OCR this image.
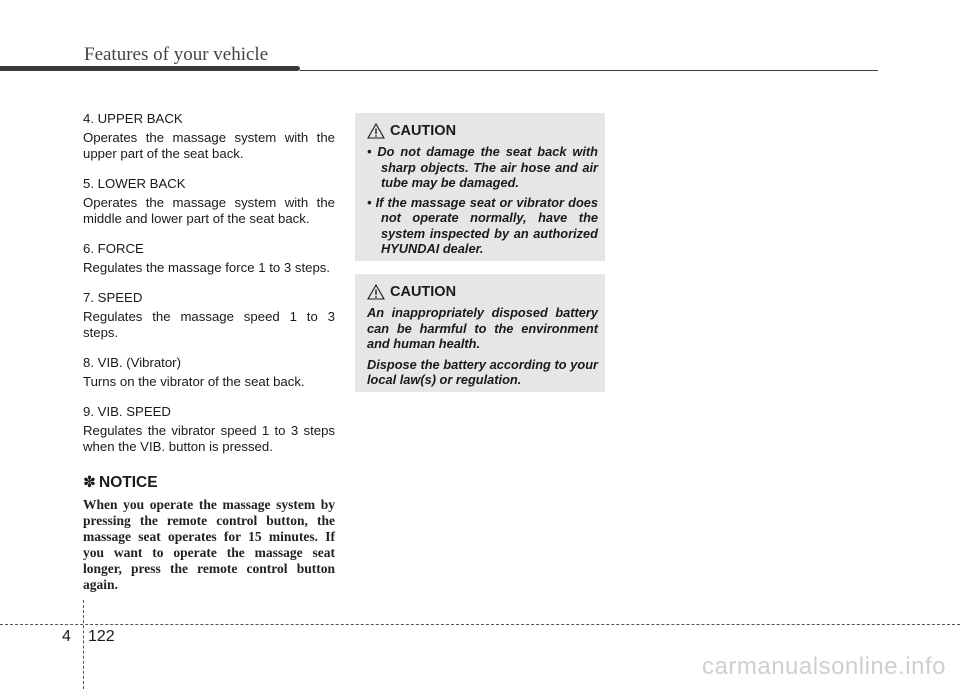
Features of your vehicle
4. UPPER BACK
Operates the massage system with the upper part of the seat back.
5. LOWER BACK
Operates the massage system with the middle and lower part of the seat back.
6. FORCE
Regulates the massage force 1 to 3 steps.
7. SPEED
Regulates the massage speed 1 to 3 steps.
8. VIB. (Vibrator)
Turns on the vibrator of the seat back.
9. VIB. SPEED
Regulates the vibrator speed 1 to 3 steps when the VIB. button is pressed.
✽ NOTICE
When you operate the massage system by pressing the remote control button, the massage seat operates for 15 minutes. If you want to operate the massage seat longer, press the remote control button again.
CAUTION
• Do not damage the seat back with sharp objects. The air hose and air tube may be damaged.
• If the massage seat or vibrator does not operate normally, have the system inspected by an authorized HYUNDAI dealer.
CAUTION

An inappropriately disposed battery can be harmful to the environment and human health.

Dispose the battery according to your local law(s) or regulation.

4 122
carmanualsonline.info
